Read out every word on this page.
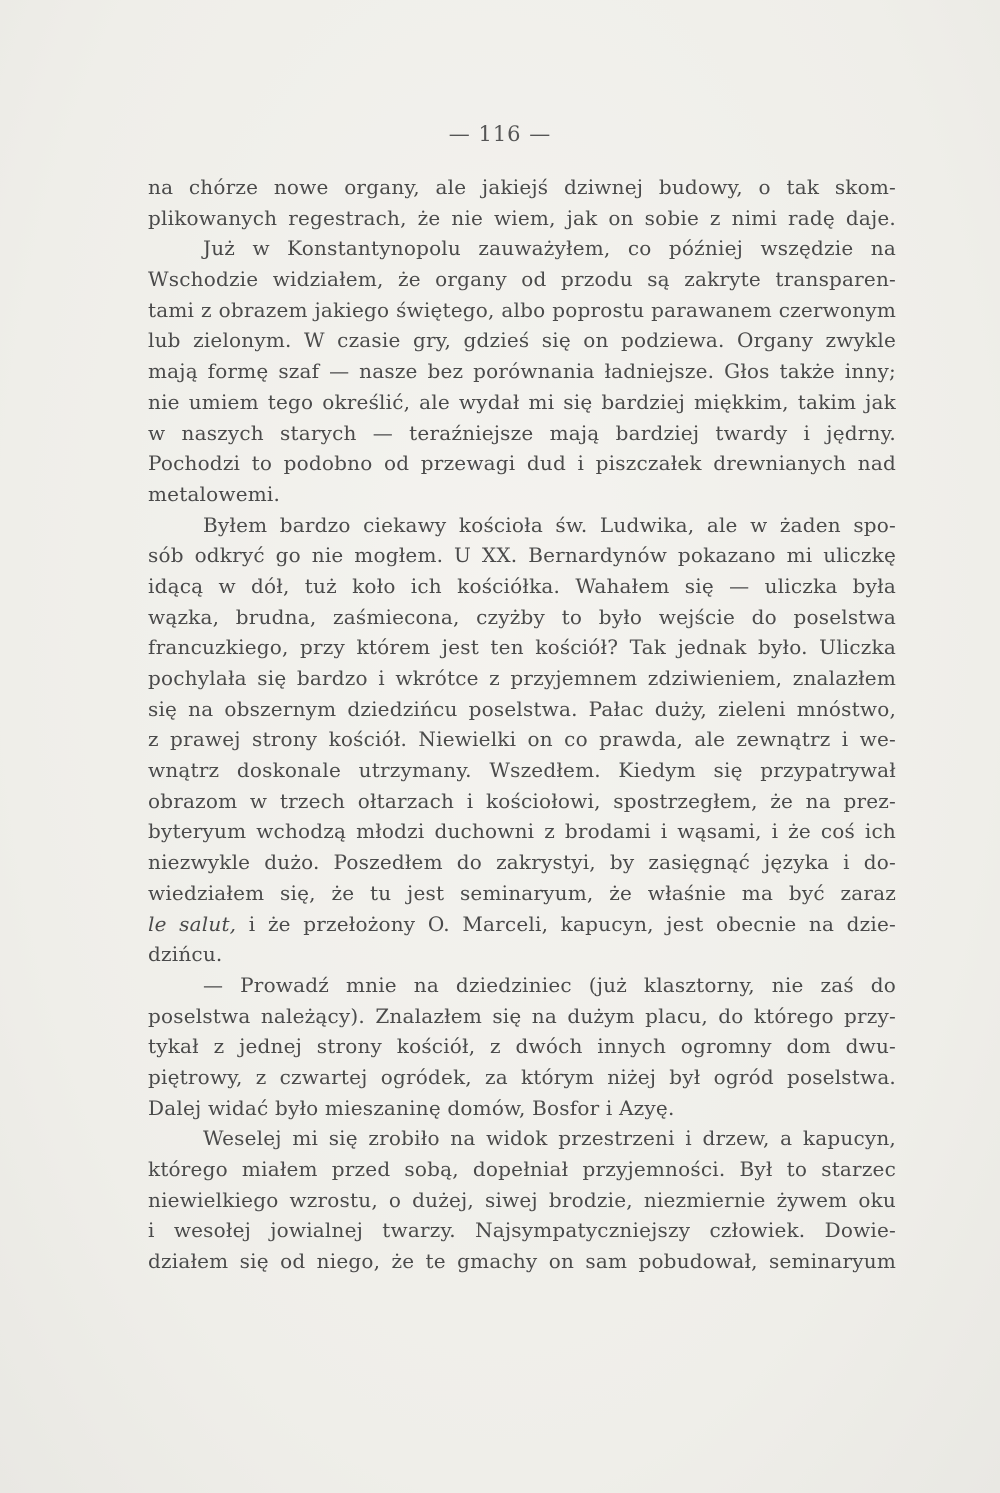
— 116 —
na chórze nowe organy, ale jakiejś dziwnej budowy, o tak skom-
plikowanych regestrach, że nie wiem, jak on sobie z nimi radę daje.
Już w Konstantynopolu zauważyłem, co później wszędzie na
Wschodzie widziałem, że organy od przodu są zakryte transparen-
tami z obrazem jakiego świętego, albo poprostu parawanem czerwonym
lub zielonym. W czasie gry, gdzieś się on podziewa. Organy zwykle
mają formę szaf — nasze bez porównania ładniejsze. Głos także inny;
nie umiem tego określić, ale wydał mi się bardziej miękkim, takim jak
w naszych starych — teraźniejsze mają bardziej twardy i jędrny.
Pochodzi to podobno od przewagi dud i piszczałek drewnianych nad
metalowemi.
Byłem bardzo ciekawy kościoła św. Ludwika, ale w żaden spo-
sób odkryć go nie mogłem. U XX. Bernardynów pokazano mi uliczkę
idącą w dół, tuż koło ich kościółka. Wahałem się — uliczka była
wązka, brudna, zaśmiecona, czyżby to było wejście do poselstwa
francuzkiego, przy którem jest ten kościół? Tak jednak było. Uliczka
pochylała się bardzo i wkrótce z przyjemnem zdziwieniem, znalazłem
się na obszernym dziedzińcu poselstwa. Pałac duży, zieleni mnóstwo,
z prawej strony kościół. Niewielki on co prawda, ale zewnątrz i we-
wnątrz doskonale utrzymany. Wszedłem. Kiedym się przypatrywał
obrazom w trzech ołtarzach i kościołowi, spostrzegłem, że na prez-
byteryum wchodzą młodzi duchowni z brodami i wąsami, i że coś ich
niezwykle dużo. Poszedłem do zakrystyi, by zasięgnąć języka i do-
wiedziałem się, że tu jest seminaryum, że właśnie ma być zaraz
le salut, i że przełożony O. Marceli, kapucyn, jest obecnie na dzie-
dzińcu.
— Prowadź mnie na dziedziniec (już klasztorny, nie zaś do
poselstwa należący). Znalazłem się na dużym placu, do którego przy-
tykał z jednej strony kościół, z dwóch innych ogromny dom dwu-
piętrowy, z czwartej ogródek, za którym niżej był ogród poselstwa.
Dalej widać było mieszaninę domów, Bosfor i Azyę.
Weselej mi się zrobiło na widok przestrzeni i drzew, a kapucyn,
którego miałem przed sobą, dopełniał przyjemności. Był to starzec
niewielkiego wzrostu, o dużej, siwej brodzie, niezmiernie żywem oku
i wesołej jowialnej twarzy. Najsympatyczniejszy człowiek. Dowie-
działem się od niego, że te gmachy on sam pobudował, seminaryum
